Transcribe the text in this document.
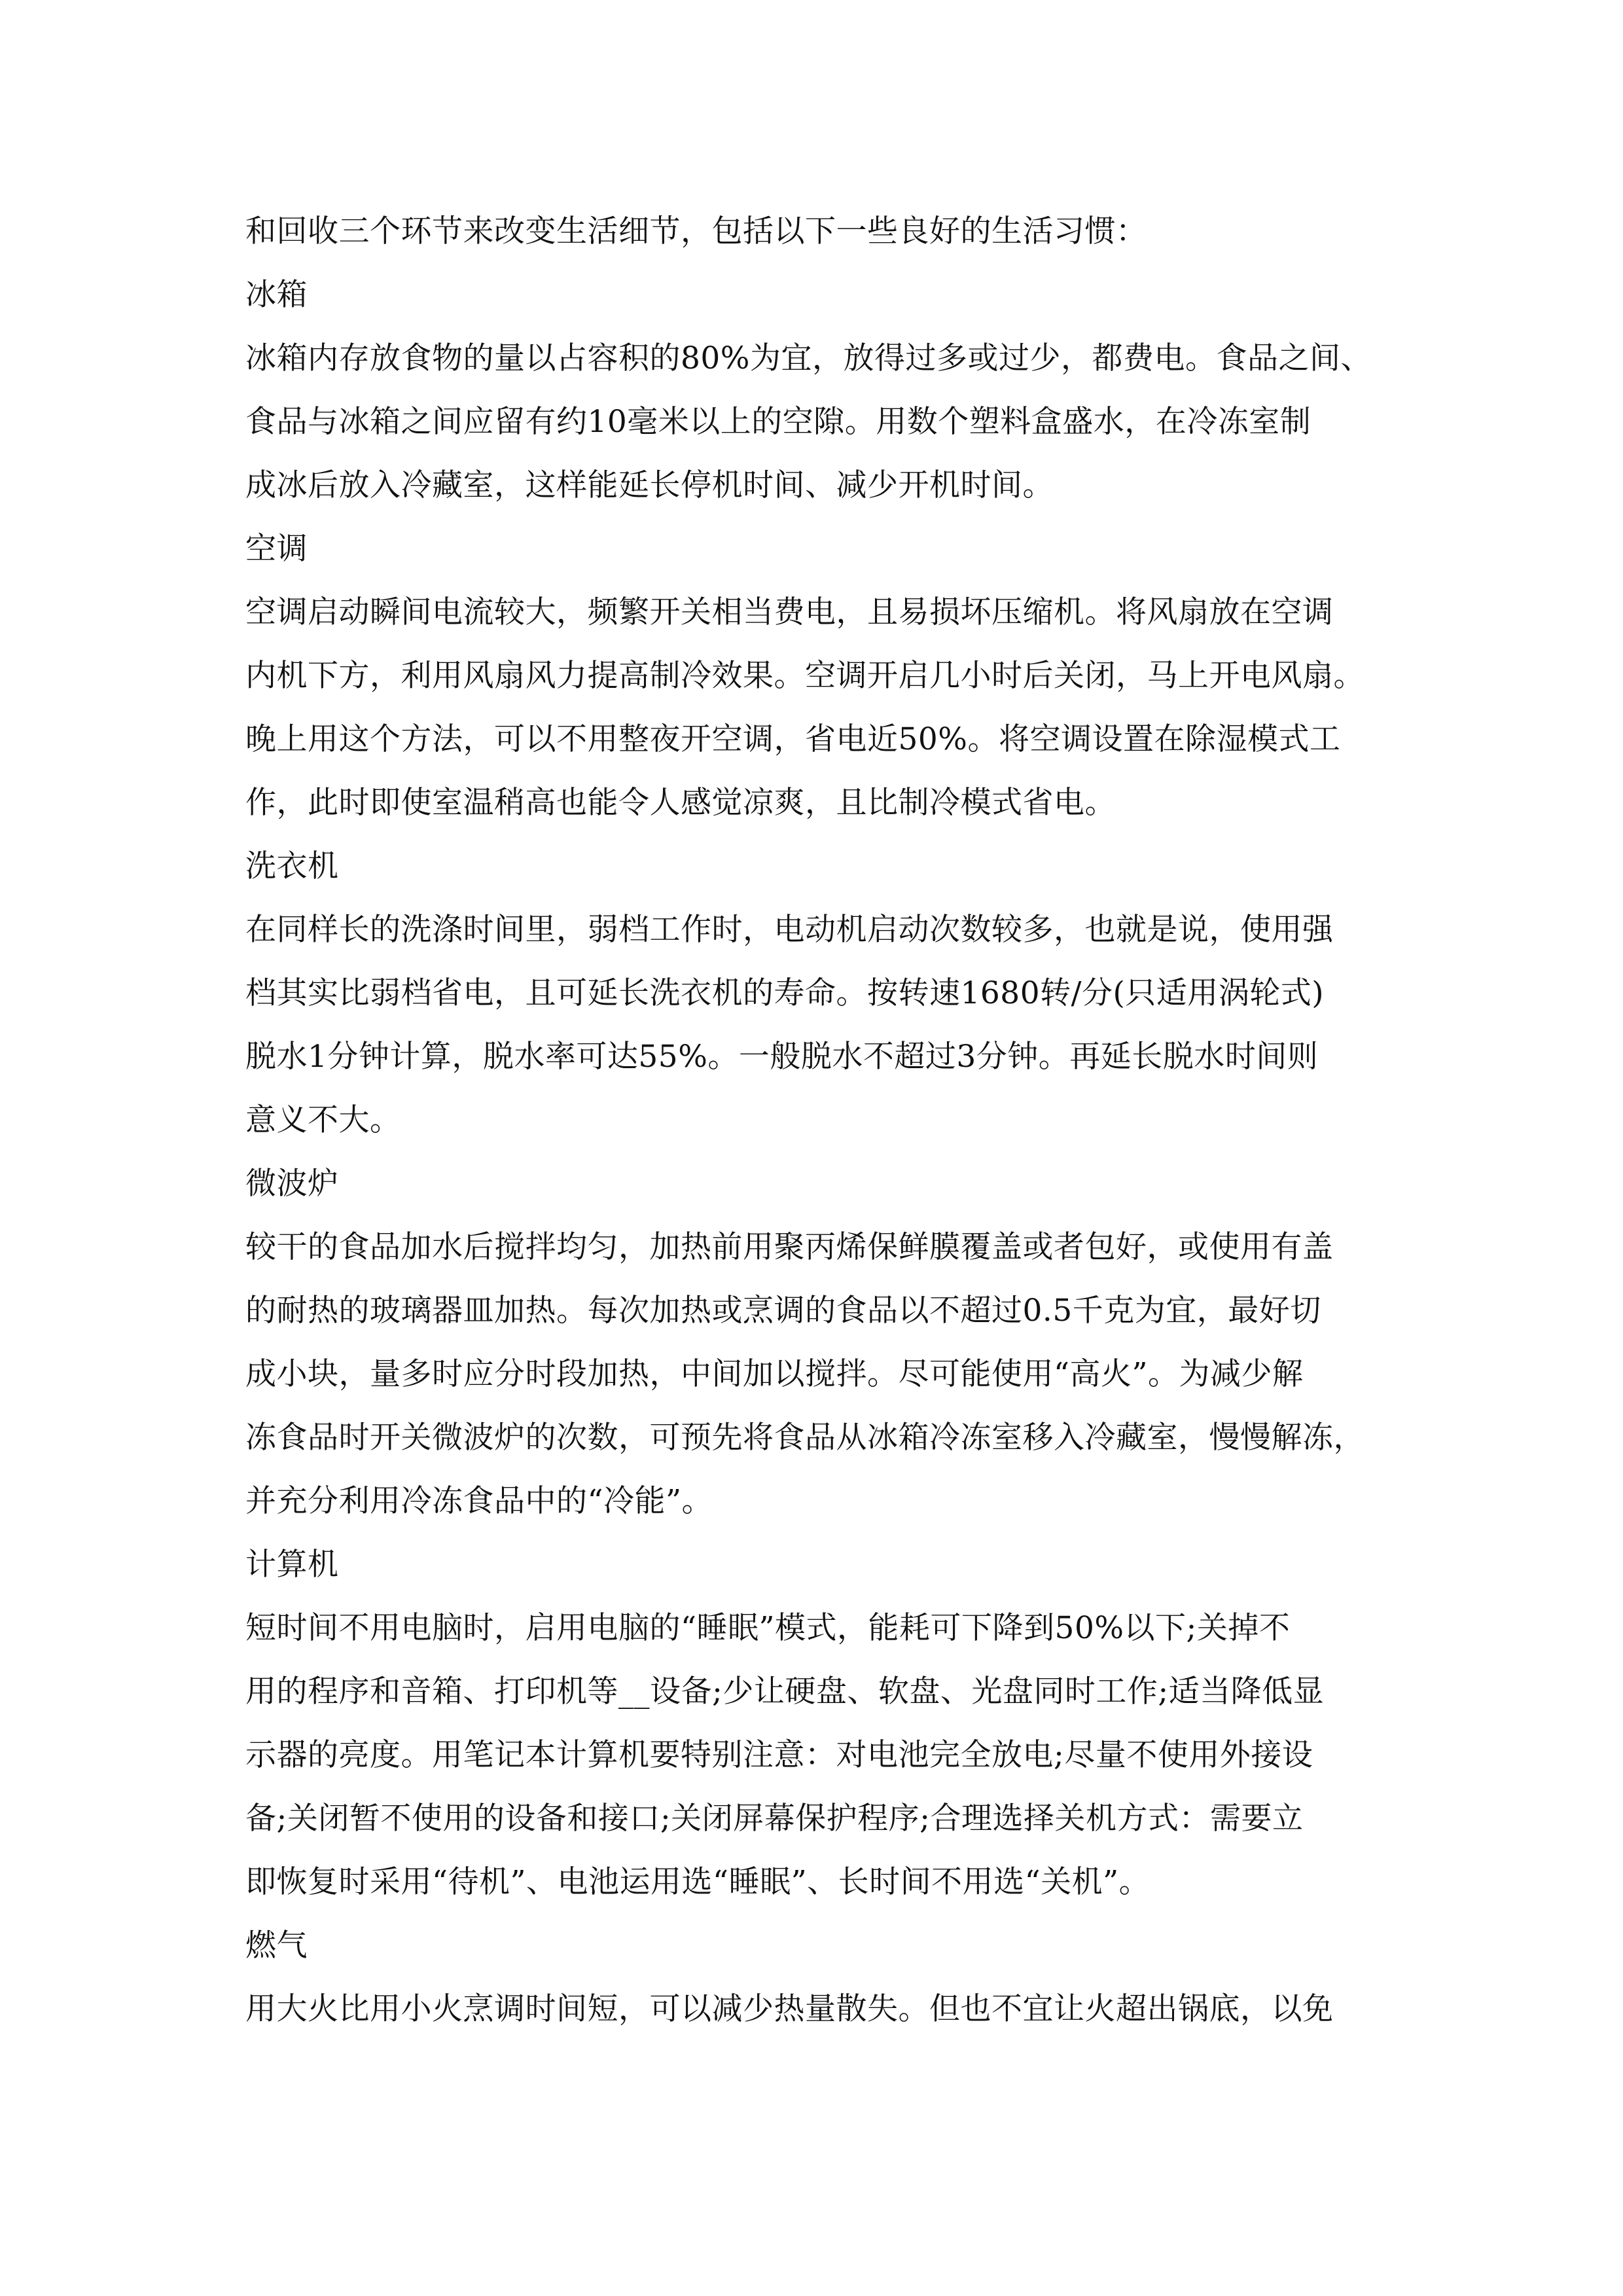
和回收三个环节来改变生活细节，包括以下一些良好的生活习惯：
冰箱
冰箱内存放食物的量以占容积的80%为宜，放得过多或过少，都费电。食品之间、
食品与冰箱之间应留有约10毫米以上的空隙。用数个塑料盒盛水，在冷冻室制
成冰后放入冷藏室，这样能延长停机时间、减少开机时间。
空调
空调启动瞬间电流较大，频繁开关相当费电，且易损坏压缩机。将风扇放在空调
内机下方，利用风扇风力提高制冷效果。空调开启几小时后关闭，马上开电风扇。
晚上用这个方法，可以不用整夜开空调，省电近50%。将空调设置在除湿模式工
作，此时即使室温稍高也能令人感觉凉爽，且比制冷模式省电。
洗衣机
在同样长的洗涤时间里，弱档工作时，电动机启动次数较多，也就是说，使用强
档其实比弱档省电，且可延长洗衣机的寿命。按转速1680转/分(只适用涡轮式)
脱水1分钟计算，脱水率可达55%。一般脱水不超过3分钟。再延长脱水时间则
意义不大。
微波炉
较干的食品加水后搅拌均匀，加热前用聚丙烯保鲜膜覆盖或者包好，或使用有盖
的耐热的玻璃器皿加热。每次加热或烹调的食品以不超过0.5千克为宜，最好切
成小块，量多时应分时段加热，中间加以搅拌。尽可能使用“高火”。为减少解
冻食品时开关微波炉的次数，可预先将食品从冰箱冷冻室移入冷藏室，慢慢解冻，
并充分利用冷冻食品中的“冷能”。
计算机
短时间不用电脑时，启用电脑的“睡眠”模式，能耗可下降到50%以下;关掉不
用的程序和音箱、打印机等__设备;少让硬盘、软盘、光盘同时工作;适当降低显
示器的亮度。用笔记本计算机要特别注意：对电池完全放电;尽量不使用外接设
备;关闭暂不使用的设备和接口;关闭屏幕保护程序;合理选择关机方式：需要立
即恢复时采用“待机”、电池运用选“睡眠”、长时间不用选“关机”。
燃气
用大火比用小火烹调时间短，可以减少热量散失。但也不宜让火超出锅底，以免
